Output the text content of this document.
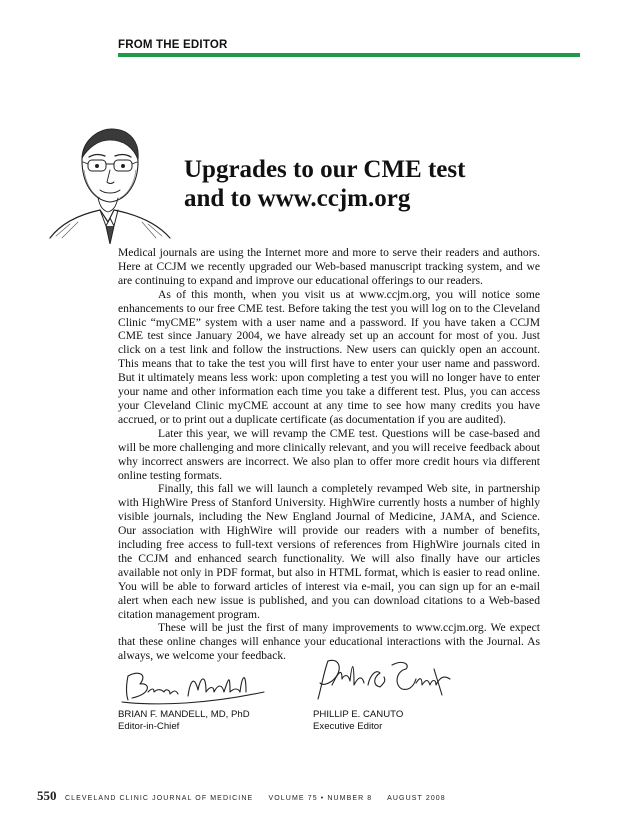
FROM THE EDITOR
Upgrades to our CME test
and to www.ccjm.org

Medical journals are using the Internet more and more to serve their readers and authors. Here at CCJM we recently upgraded our Web-based manuscript tracking system, and we are continuing to expand and improve our educational offerings to our readers.

As of this month, when you visit us at www.ccjm.org, you will notice some enhancements to our free CME test. Before taking the test you will log on to the Cleveland Clinic “myCME” system with a user name and a password. If you have taken a CCJM CME test since January 2004, we have already set up an account for most of you. Just click on a test link and follow the instructions. New users can quickly open an account. This means that to take the test you will first have to enter your user name and password. But it ultimately means less work: upon completing a test you will no longer have to enter your name and other information each time you take a different test. Plus, you can access your Cleveland Clinic myCME account at any time to see how many credits you have accrued, or to print out a duplicate certificate (as documentation if you are audited).

Later this year, we will revamp the CME test. Questions will be case-based and will be more challenging and more clinically relevant, and you will receive feedback about why incorrect answers are incorrect. We also plan to offer more credit hours via different online testing formats.

Finally, this fall we will launch a completely revamped Web site, in partnership with HighWire Press of Stanford University. HighWire currently hosts a number of highly visible journals, including the New England Journal of Medicine, JAMA, and Science. Our association with HighWire will provide our readers with a number of benefits, including free access to full-text versions of references from HighWire journals cited in the CCJM and enhanced search functionality. We will also finally have our articles available not only in PDF format, but also in HTML format, which is easier to read online. You will be able to forward articles of interest via e-mail, you can sign up for an e-mail alert when each new issue is published, and you can download citations to a Web-based citation management program.

These will be just the first of many improvements to www.ccjm.org. We expect that these online changes will enhance your educational interactions with the Journal. As always, we welcome your feedback.

BRIAN F. MANDELL, MD, PhD
Editor-in-Chief
PHILLIP E. CANUTO
Executive Editor
550 CLEVELAND CLINIC JOURNAL OF MEDICINE     VOLUME 75 • NUMBER 8     AUGUST 2008
